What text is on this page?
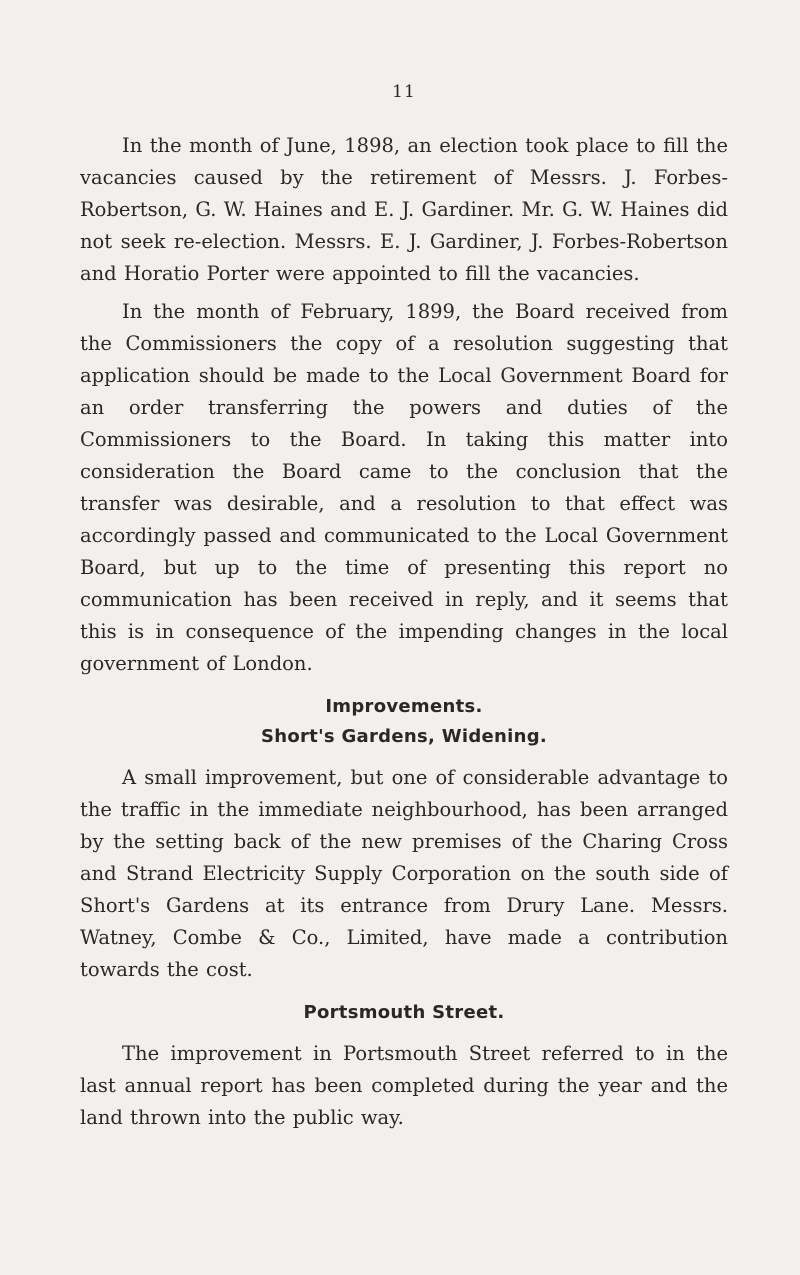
11

In the month of June, 1898, an election took place to fill the vacancies caused by the retirement of Messrs. J. Forbes-Robertson, G. W. Haines and E. J. Gardiner. Mr. G. W. Haines did not seek re-election. Messrs. E. J. Gardiner, J. Forbes-Robertson and Horatio Porter were appointed to fill the vacancies.

In the month of February, 1899, the Board received from the Commissioners the copy of a resolution suggesting that application should be made to the Local Government Board for an order transferring the powers and duties of the Commissioners to the Board. In taking this matter into consideration the Board came to the conclusion that the transfer was desirable, and a resolution to that effect was accordingly passed and communicated to the Local Government Board, but up to the time of presenting this report no communication has been received in reply, and it seems that this is in consequence of the impending changes in the local government of London.

Improvements.
Short's Gardens, Widening.

A small improvement, but one of considerable advantage to the traffic in the immediate neighbourhood, has been arranged by the setting back of the new premises of the Charing Cross and Strand Electricity Supply Corporation on the south side of Short's Gardens at its entrance from Drury Lane. Messrs. Watney, Combe & Co., Limited, have made a contribution towards the cost.

Portsmouth Street.

The improvement in Portsmouth Street referred to in the last annual report has been completed during the year and the land thrown into the public way.
